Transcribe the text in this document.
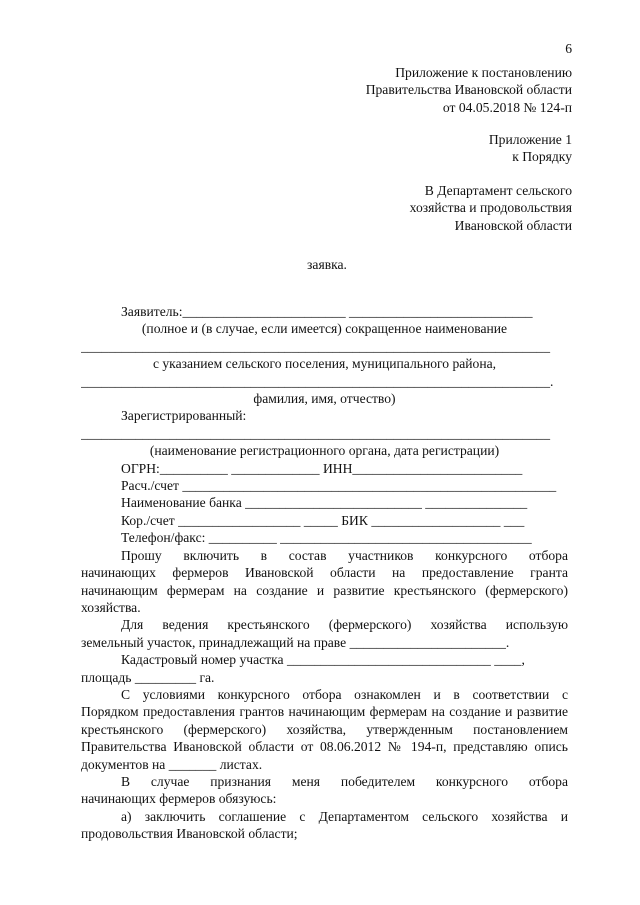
6
Приложение к постановлению
Правительства Ивановской области
от 04.05.2018 № 124-п
Приложение 1
к Порядку
В Департамент сельского
хозяйства и продовольствия
Ивановской области
заявка.
Заявитель:________________________ ___________________________
(полное и (в случае, если имеется) сокращенное наименование
_____________________________________________________________________
с указанием сельского поселения, муниципального района,
_____________________________________________________________________.
фамилия, имя, отчество)
Зарегистрированный:
_____________________________________________________________________
(наименование регистрационного органа, дата регистрации)
ОГРН:__________ _____________ ИНН_________________________
Расч./счет _______________________________________________________
Наименование банка __________________________ _______________
Кор./счет __________________ _____ БИК ___________________ ___
Телефон/факс: __________ _____________________________________
Прошу включить в состав участников конкурсного отбора
начинающих фермеров Ивановской области на предоставление гранта начинающим фермерам на создание и развитие крестьянского (фермерского) хозяйства.
Для ведения крестьянского (фермерского) хозяйства использую
земельный участок, принадлежащий на праве _______________________.
Кадастровый номер участка ______________________________ ____,
площадь _________ га.
С условиями конкурсного отбора ознакомлен и в соответствии с
Порядком предоставления грантов начинающим фермерам на создание и развитие крестьянского (фермерского) хозяйства, утвержденным постановлением Правительства Ивановской области от 08.06.2012 № 194-п, представляю опись документов на _______ листах.
В случае признания меня победителем конкурсного отбора
начинающих фермеров обязуюсь:
а) заключить соглашение с Департаментом сельского хозяйства и
продовольствия Ивановской области;
